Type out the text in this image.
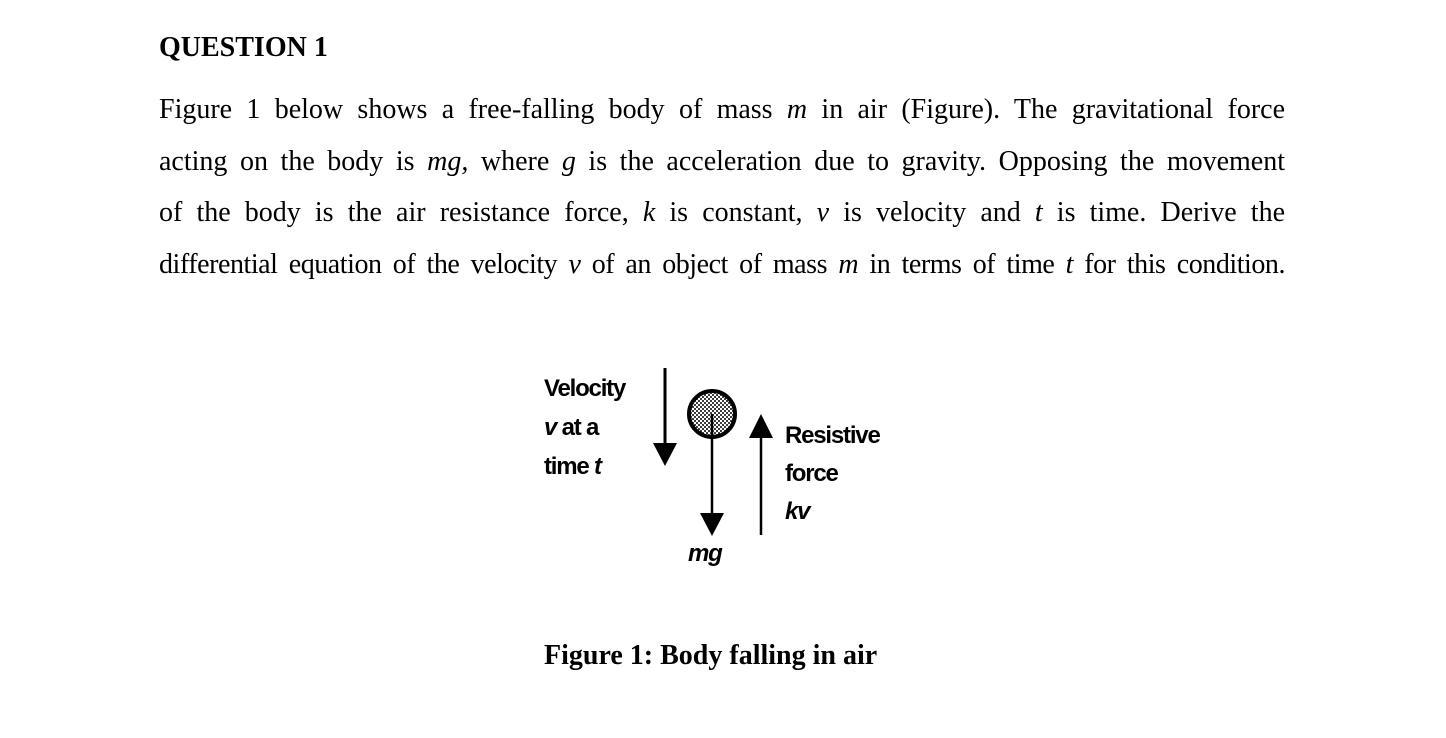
QUESTION 1
Figure 1 below shows a free-falling body of mass m in air (Figure). The gravitational force
acting on the body is mg, where g is the acceleration due to gravity. Opposing the movement
of the body is the air resistance force, k is constant, v is velocity and t is time. Derive the
differential equation of the velocity v of an object of mass m in terms of time t for this condition.
Velocity
v at a
time t
Resistive
force
kv
mg
Figure 1: Body falling in air
